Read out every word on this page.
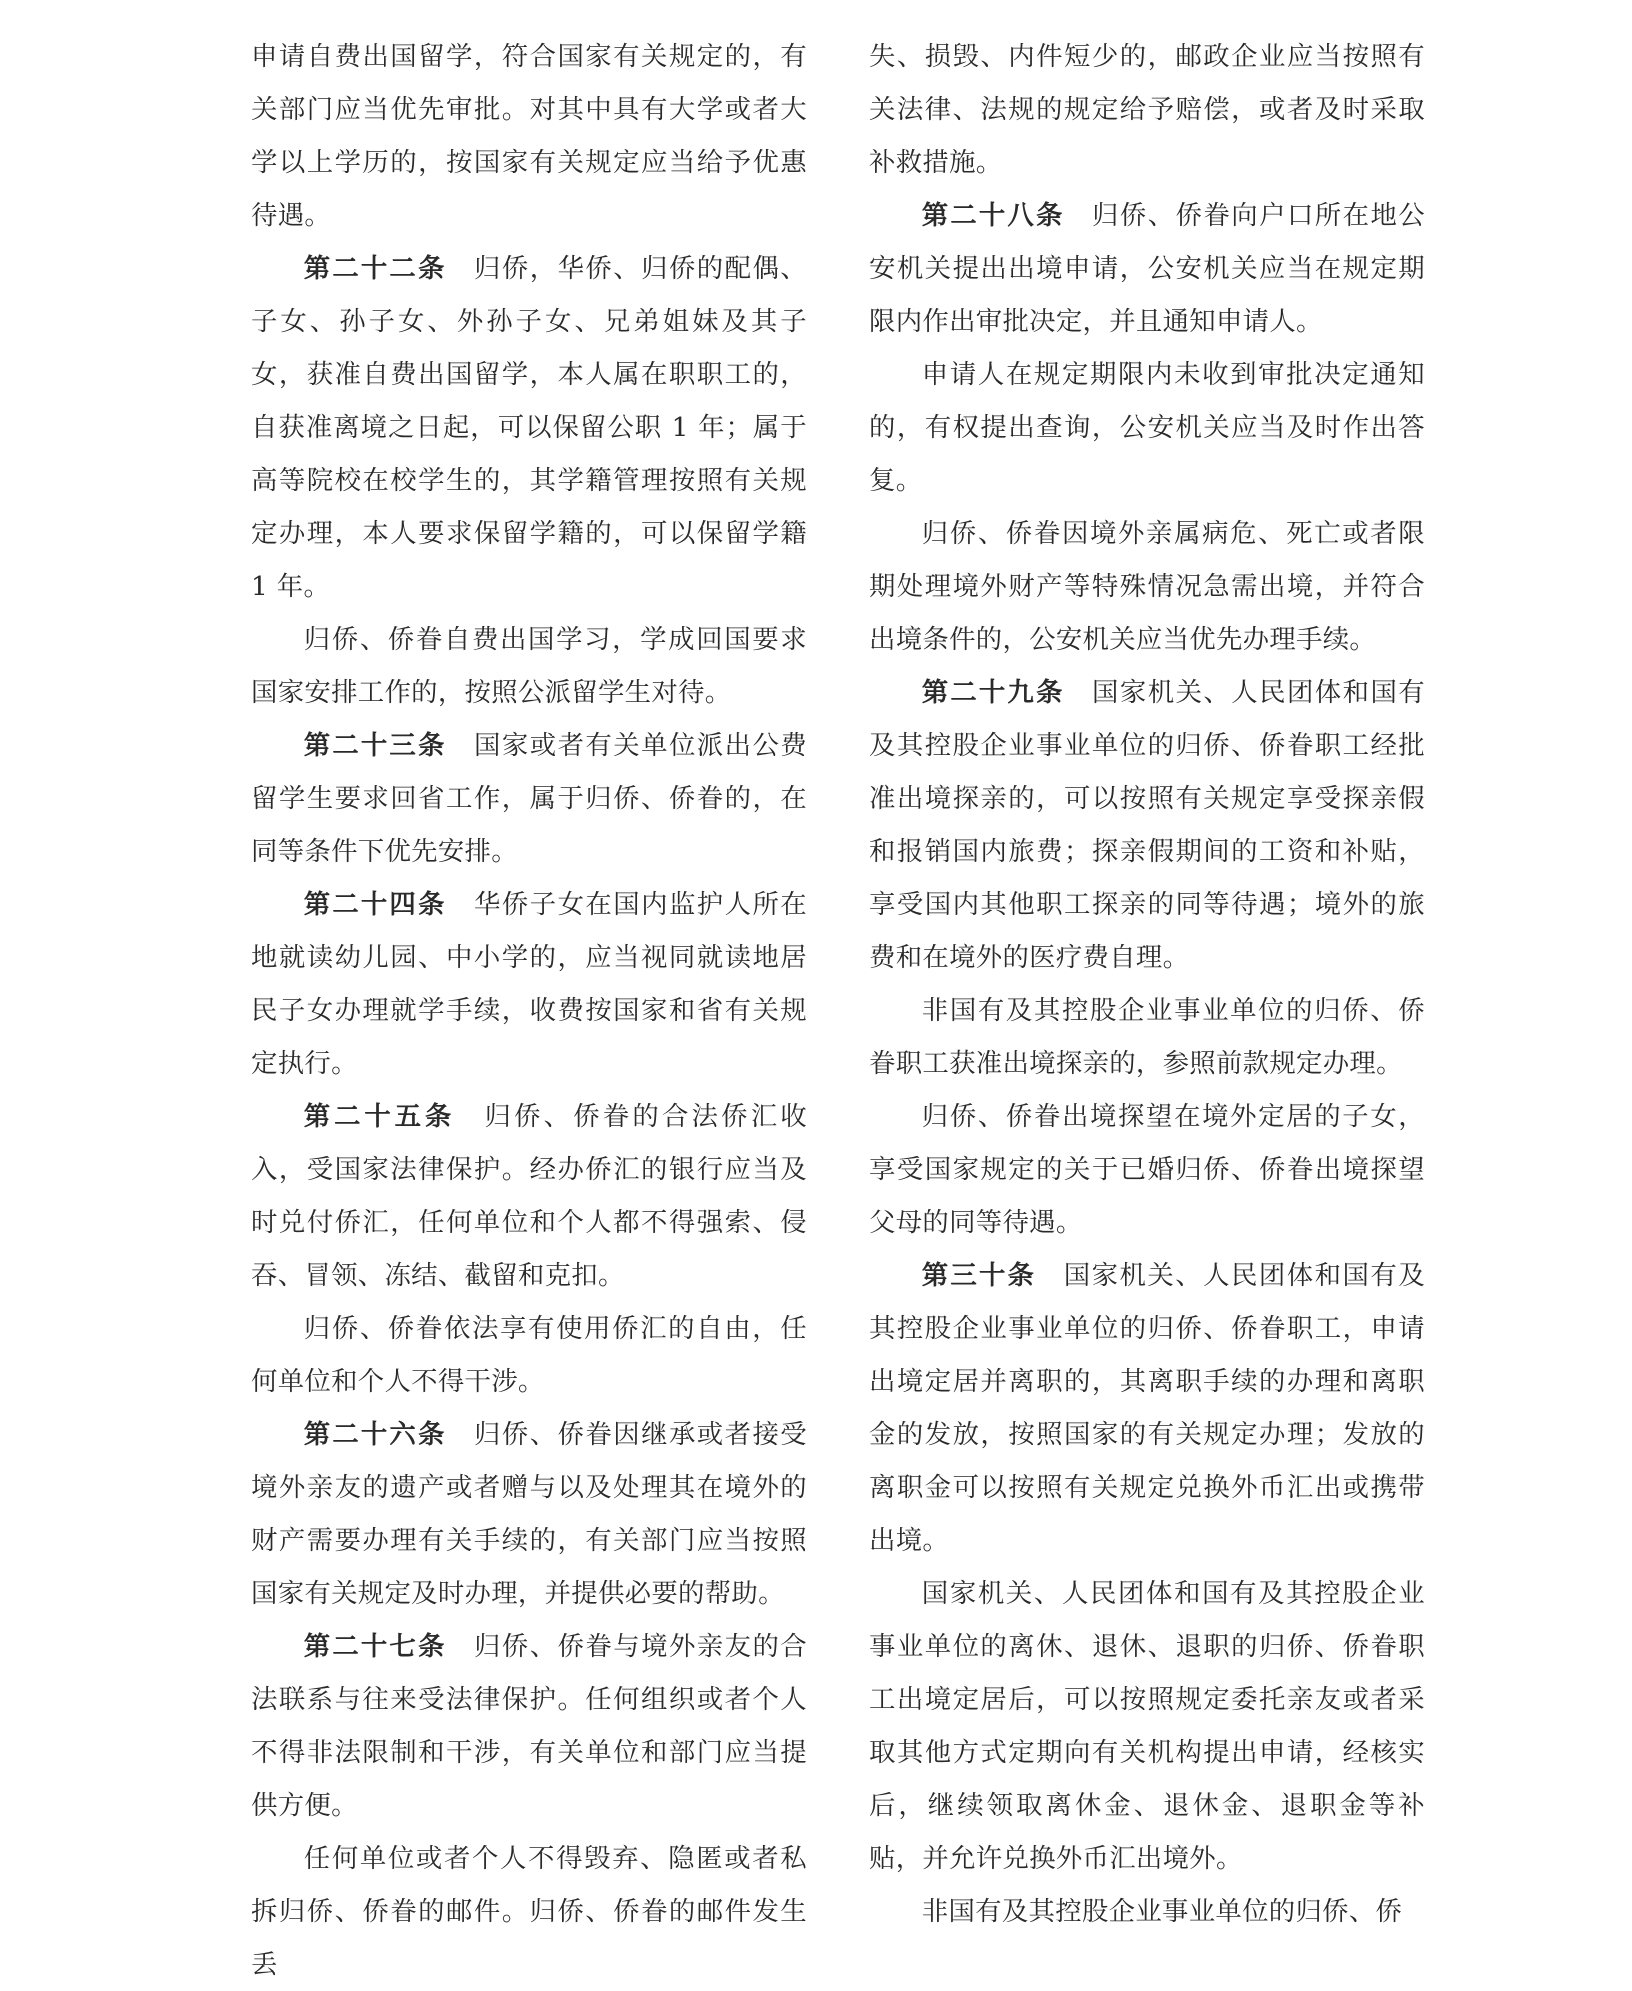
申请自费出国留学，符合国家有关规定的，有关部门应当优先审批。对其中具有大学或者大学以上学历的，按国家有关规定应当给予优惠待遇。

第二十二条 归侨，华侨、归侨的配偶、子女、孙子女、外孙子女、兄弟姐妹及其子女，获准自费出国留学，本人属在职职工的，自获准离境之日起，可以保留公职 1 年；属于高等院校在校学生的，其学籍管理按照有关规定办理，本人要求保留学籍的，可以保留学籍 1 年。

归侨、侨眷自费出国学习，学成回国要求国家安排工作的，按照公派留学生对待。

第二十三条 国家或者有关单位派出公费留学生要求回省工作，属于归侨、侨眷的，在同等条件下优先安排。

第二十四条 华侨子女在国内监护人所在地就读幼儿园、中小学的，应当视同就读地居民子女办理就学手续，收费按国家和省有关规定执行。

第二十五条 归侨、侨眷的合法侨汇收入，受国家法律保护。经办侨汇的银行应当及时兑付侨汇，任何单位和个人都不得强索、侵吞、冒领、冻结、截留和克扣。

归侨、侨眷依法享有使用侨汇的自由，任何单位和个人不得干涉。

第二十六条 归侨、侨眷因继承或者接受境外亲友的遗产或者赠与以及处理其在境外的财产需要办理有关手续的，有关部门应当按照国家有关规定及时办理，并提供必要的帮助。

第二十七条 归侨、侨眷与境外亲友的合法联系与往来受法律保护。任何组织或者个人不得非法限制和干涉，有关单位和部门应当提供方便。

任何单位或者个人不得毁弃、隐匿或者私拆归侨、侨眷的邮件。归侨、侨眷的邮件发生丢

失、损毁、内件短少的，邮政企业应当按照有关法律、法规的规定给予赔偿，或者及时采取补救措施。

第二十八条 归侨、侨眷向户口所在地公安机关提出出境申请，公安机关应当在规定期限内作出审批决定，并且通知申请人。

申请人在规定期限内未收到审批决定通知的，有权提出查询，公安机关应当及时作出答复。

归侨、侨眷因境外亲属病危、死亡或者限期处理境外财产等特殊情况急需出境，并符合出境条件的，公安机关应当优先办理手续。

第二十九条 国家机关、人民团体和国有及其控股企业事业单位的归侨、侨眷职工经批准出境探亲的，可以按照有关规定享受探亲假和报销国内旅费；探亲假期间的工资和补贴，享受国内其他职工探亲的同等待遇；境外的旅费和在境外的医疗费自理。

非国有及其控股企业事业单位的归侨、侨眷职工获准出境探亲的，参照前款规定办理。

归侨、侨眷出境探望在境外定居的子女，享受国家规定的关于已婚归侨、侨眷出境探望父母的同等待遇。

第三十条 国家机关、人民团体和国有及其控股企业事业单位的归侨、侨眷职工，申请出境定居并离职的，其离职手续的办理和离职金的发放，按照国家的有关规定办理；发放的离职金可以按照有关规定兑换外币汇出或携带出境。

国家机关、人民团体和国有及其控股企业事业单位的离休、退休、退职的归侨、侨眷职工出境定居后，可以按照规定委托亲友或者采取其他方式定期向有关机构提出申请，经核实后，继续领取离休金、退休金、退职金等补贴，并允许兑换外币汇出境外。

非国有及其控股企业事业单位的归侨、侨
